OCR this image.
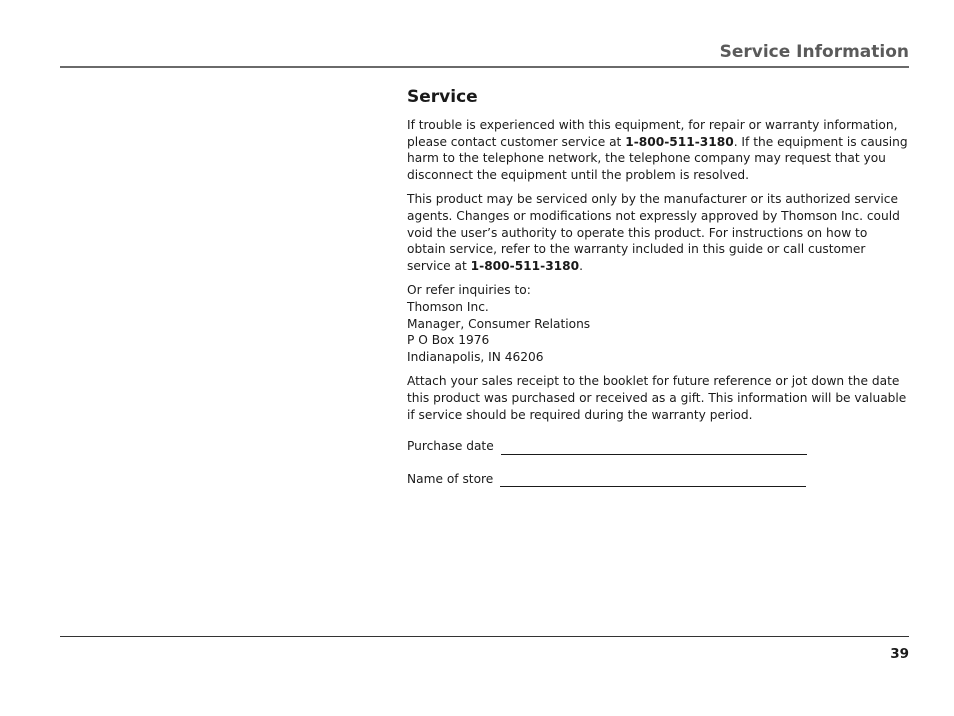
Service Information
Service

If trouble is experienced with this equipment, for repair or warranty information, please contact customer service at 1-800-511-3180. If the equipment is causing harm to the telephone network, the telephone company may request that you disconnect the equipment until the problem is resolved.

This product may be serviced only by the manufacturer or its authorized service agents. Changes or modifications not expressly approved by Thomson Inc. could void the user’s authority to operate this product. For instructions on how to obtain service, refer to the warranty included in this guide or call customer service at 1-800-511-3180.

Or refer inquiries to:
Thomson Inc.
Manager, Consumer Relations
P O Box 1976
Indianapolis, IN 46206

Attach your sales receipt to the booklet for future reference or jot down the date this product was purchased or received as a gift. This information will be valuable if service should be required during the warranty period.

Purchase date
Name of store
39
